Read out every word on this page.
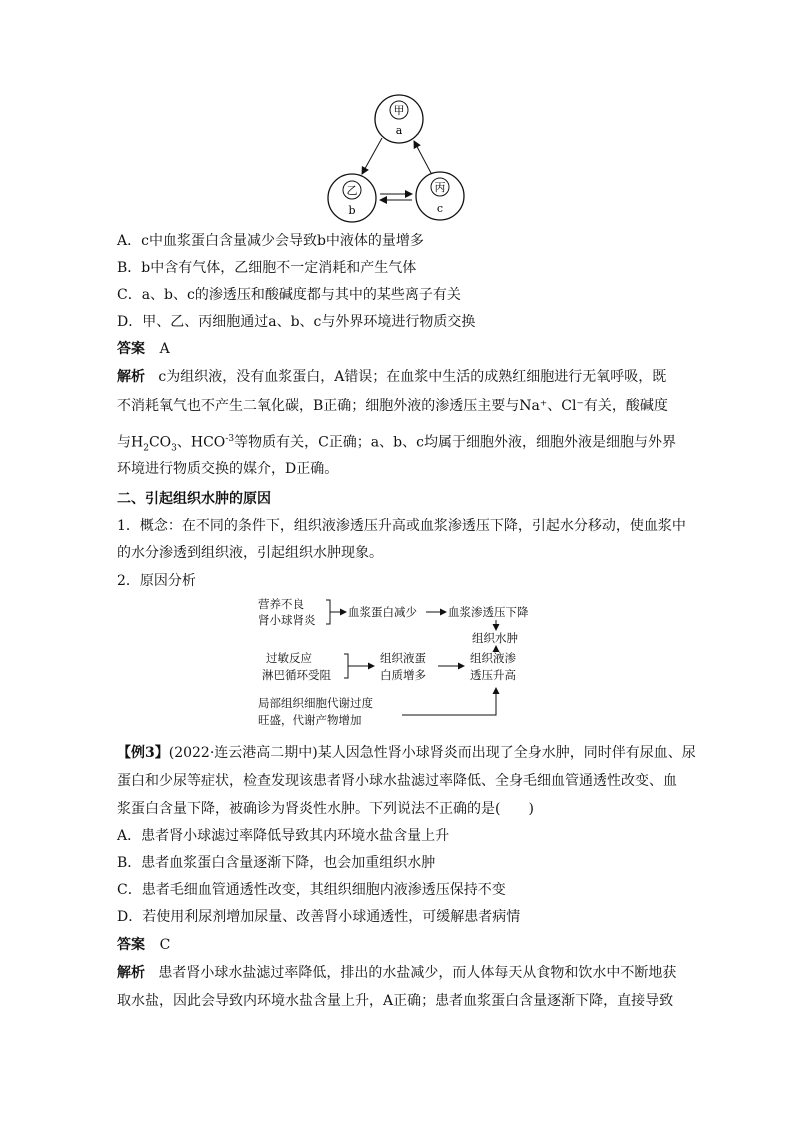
甲
a
乙
b
丙
c
A．c中血浆蛋白含量减少会导致b中液体的量增多
B．b中含有气体，乙细胞不一定消耗和产生气体
C．a、b、c的渗透压和酸碱度都与其中的某些离子有关
D．甲、乙、丙细胞通过a、b、c与外界环境进行物质交换
答案 A
解析 c为组织液，没有血浆蛋白，A错误；在血浆中生活的成熟红细胞进行无氧呼吸，既
不消耗氧气也不产生二氧化碳，B正确；细胞外液的渗透压主要与Na⁺、Cl⁻有关，酸碱度
与$H_2CO_3$、$HCO^{-3}$等物质有关，C正确；a、b、c均属于细胞外液，细胞外液是细胞与外界
环境进行物质交换的媒介，D正确。
二、引起组织水肿的原因
1．概念：在不同的条件下，组织液渗透压升高或血浆渗透压下降，引起水分移动，使血浆中
的水分渗透到组织液，引起组织水肿现象。
2．原因分析
营养不良
肾小球肾炎
血浆蛋白减少	血浆渗透压下降
组织水肿
过敏反应
淋巴循环受阻
组织液蛋
白质增多
组织液渗
透压升高
局部组织细胞代谢过度
旺盛，代谢产物增加
【例3】(2022·连云港高二期中)某人因急性肾小球肾炎而出现了全身水肿，同时伴有尿血、尿
蛋白和少尿等症状，检查发现该患者肾小球水盐滤过率降低、全身毛细血管通透性改变、血
浆蛋白含量下降，被确诊为肾炎性水肿。下列说法不正确的是(　　)
A．患者肾小球滤过率降低导致其内环境水盐含量上升
B．患者血浆蛋白含量逐渐下降，也会加重组织水肿
C．患者毛细血管通透性改变，其组织细胞内液渗透压保持不变
D．若使用利尿剂增加尿量、改善肾小球通透性，可缓解患者病情
答案 C
解析 患者肾小球水盐滤过率降低，排出的水盐减少，而人体每天从食物和饮水中不断地获
取水盐，因此会导致内环境水盐含量上升，A正确；患者血浆蛋白含量逐渐下降，直接导致
